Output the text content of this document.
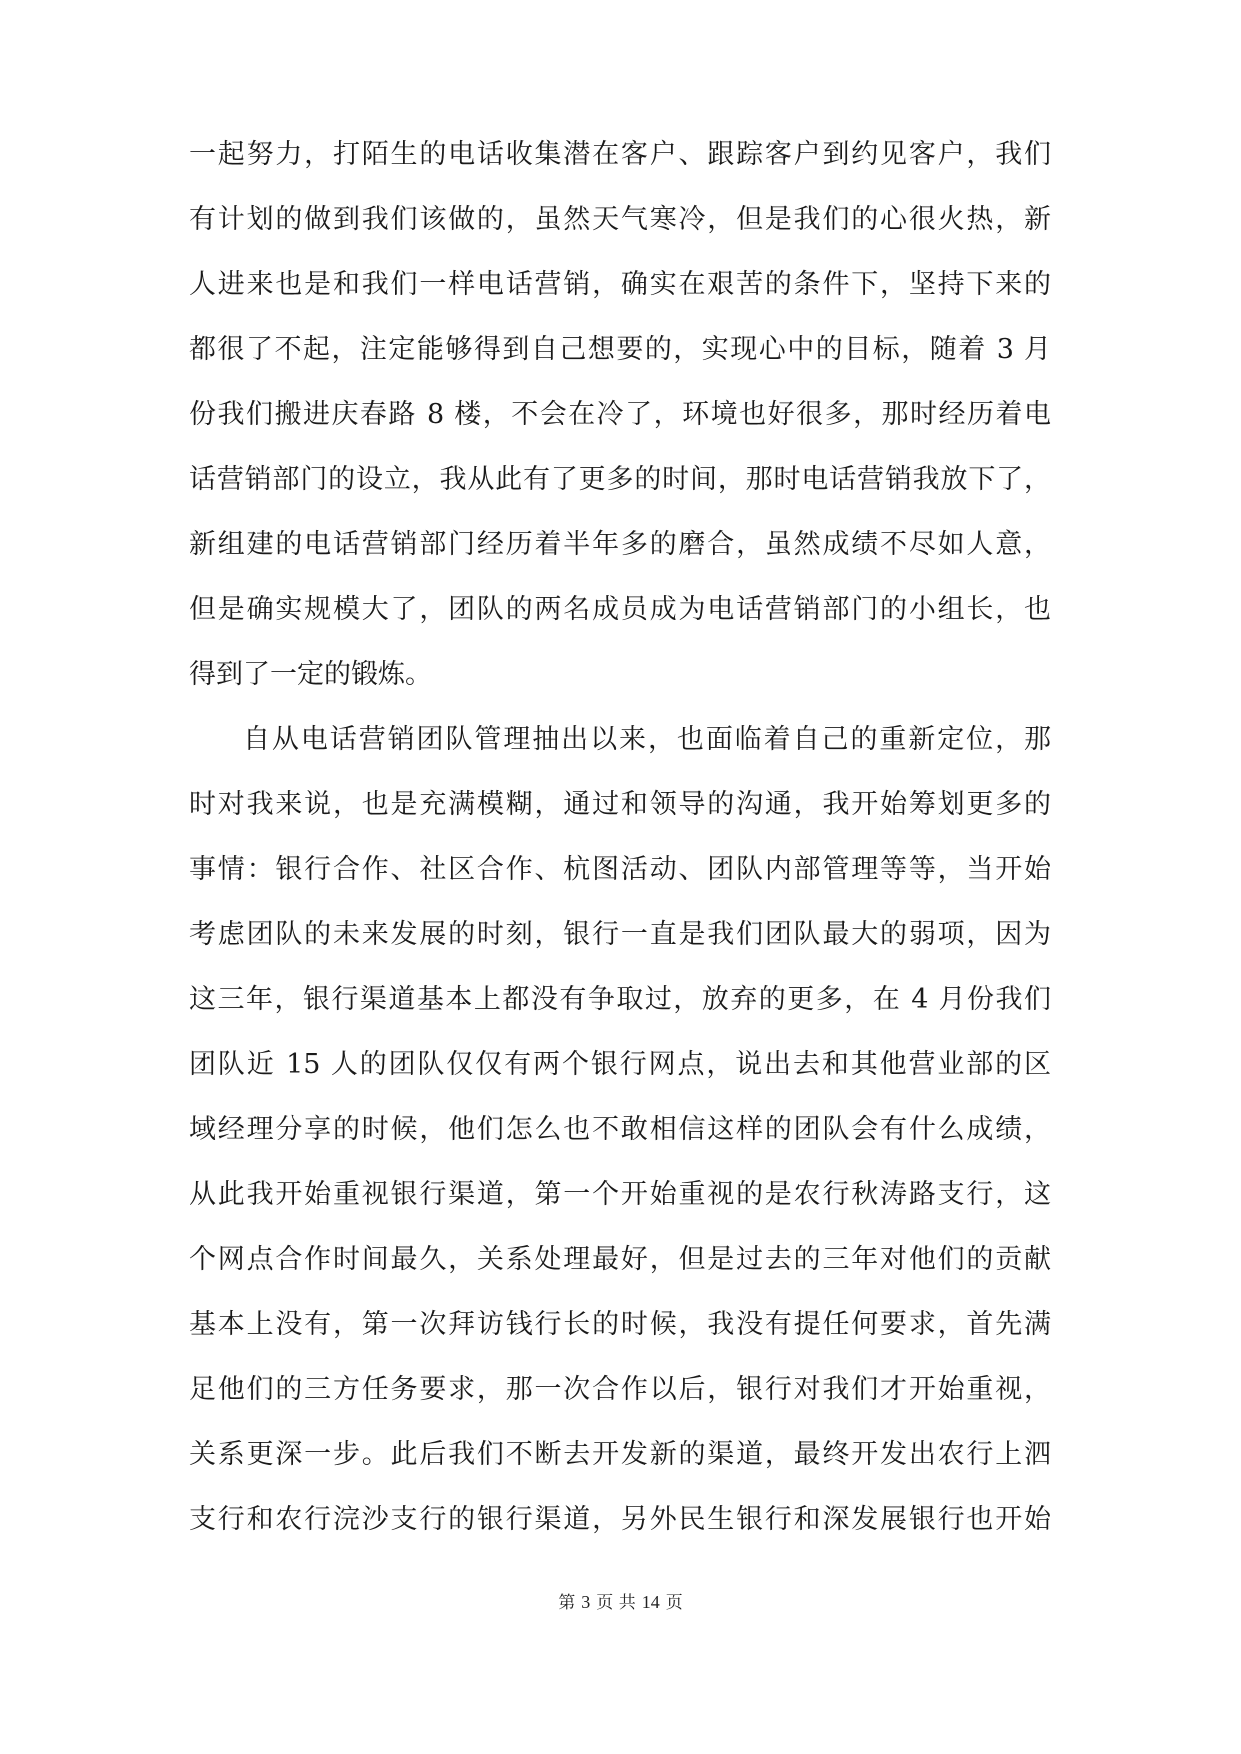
一起努力，打陌生的电话收集潜在客户、跟踪客户到约见客户，我们
有计划的做到我们该做的，虽然天气寒冷，但是我们的心很火热，新
人进来也是和我们一样电话营销，确实在艰苦的条件下，坚持下来的
都很了不起，注定能够得到自己想要的，实现心中的目标，随着 3 月
份我们搬进庆春路 8 楼，不会在冷了，环境也好很多，那时经历着电
话营销部门的设立，我从此有了更多的时间，那时电话营销我放下了，
新组建的电话营销部门经历着半年多的磨合，虽然成绩不尽如人意，
但是确实规模大了，团队的两名成员成为电话营销部门的小组长，也
得到了一定的锻炼。
自从电话营销团队管理抽出以来，也面临着自己的重新定位，那
时对我来说，也是充满模糊，通过和领导的沟通，我开始筹划更多的
事情：银行合作、社区合作、杭图活动、团队内部管理等等，当开始
考虑团队的未来发展的时刻，银行一直是我们团队最大的弱项，因为
这三年，银行渠道基本上都没有争取过，放弃的更多，在 4 月份我们
团队近 15 人的团队仅仅有两个银行网点，说出去和其他营业部的区
域经理分享的时候，他们怎么也不敢相信这样的团队会有什么成绩，
从此我开始重视银行渠道，第一个开始重视的是农行秋涛路支行，这
个网点合作时间最久，关系处理最好，但是过去的三年对他们的贡献
基本上没有，第一次拜访钱行长的时候，我没有提任何要求，首先满
足他们的三方任务要求，那一次合作以后，银行对我们才开始重视，
关系更深一步。此后我们不断去开发新的渠道，最终开发出农行上泗
支行和农行浣沙支行的银行渠道，另外民生银行和深发展银行也开始
第 3 页 共 14 页
